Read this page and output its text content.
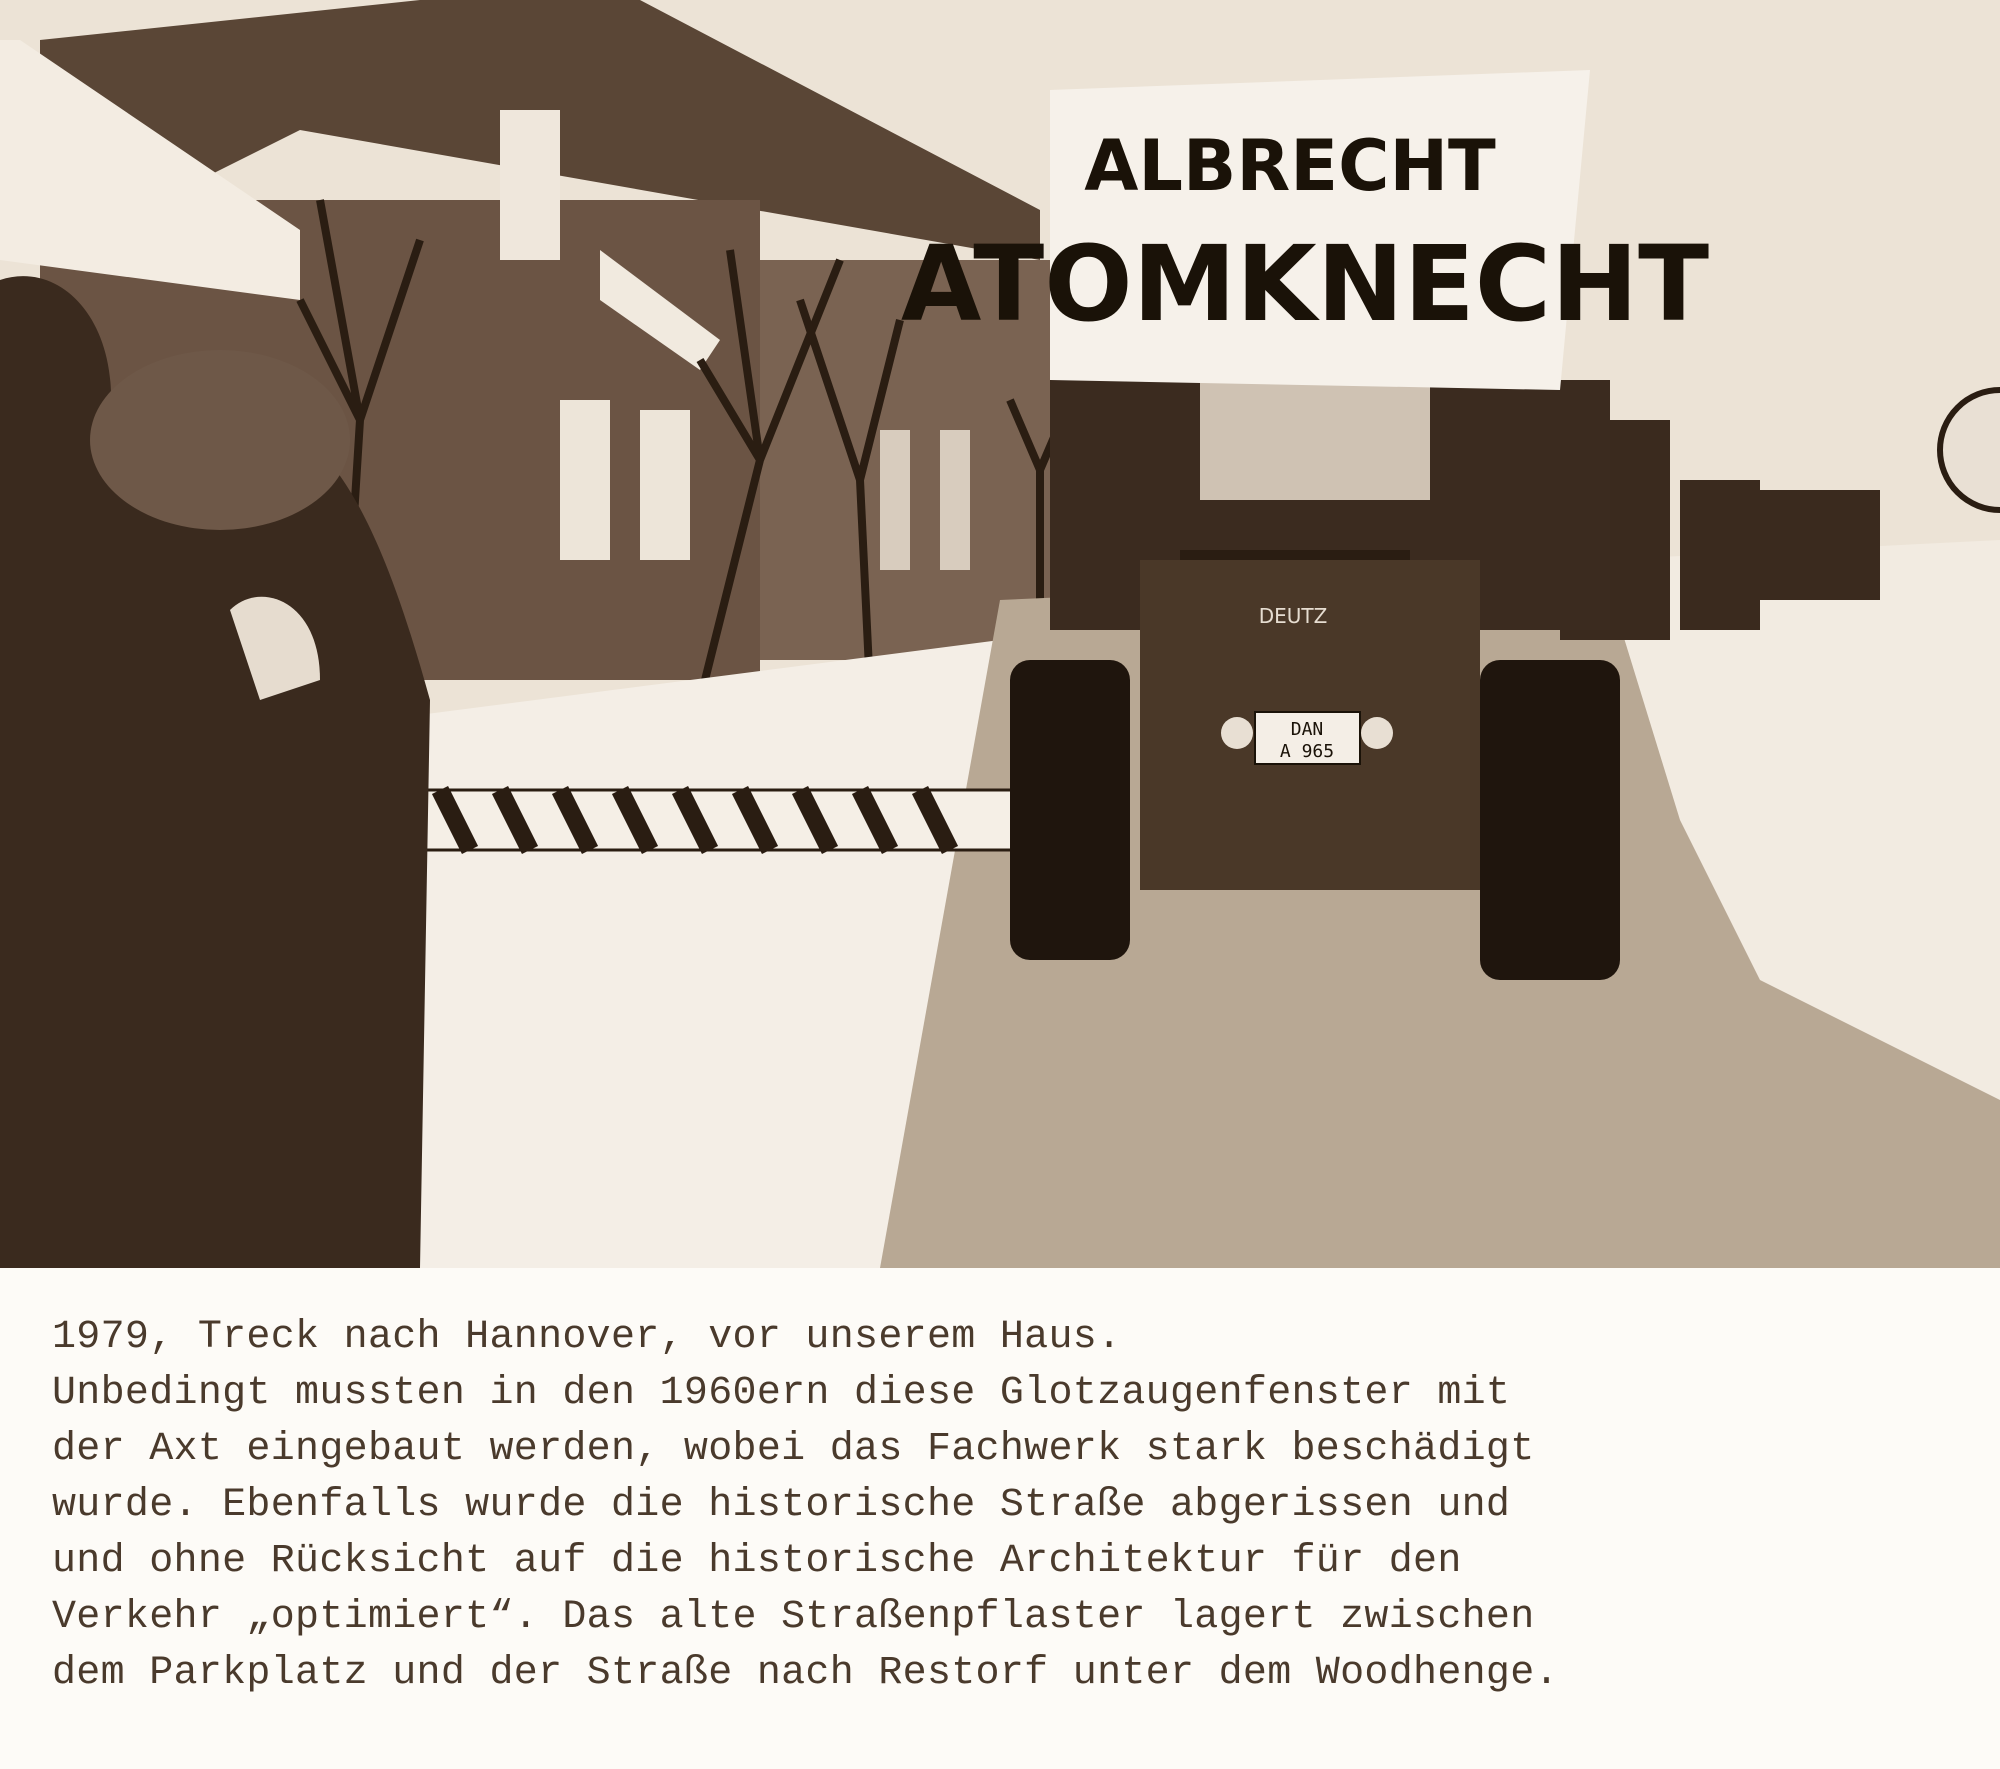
DAN
A 965
DEUTZ
ALBRECHT
ATOMKNECHT
1979, Treck nach Hannover, vor unserem Haus.
Unbedingt mussten in den 1960ern diese Glotzaugenfenster mit
der Axt eingebaut werden, wobei das Fachwerk stark beschädigt
wurde. Ebenfalls wurde die historische Straße abgerissen und
und ohne Rücksicht auf die historische Architektur für den
Verkehr „optimiert“. Das alte Straßenpflaster lagert zwischen
dem Parkplatz und der Straße nach Restorf unter dem Woodhenge.
